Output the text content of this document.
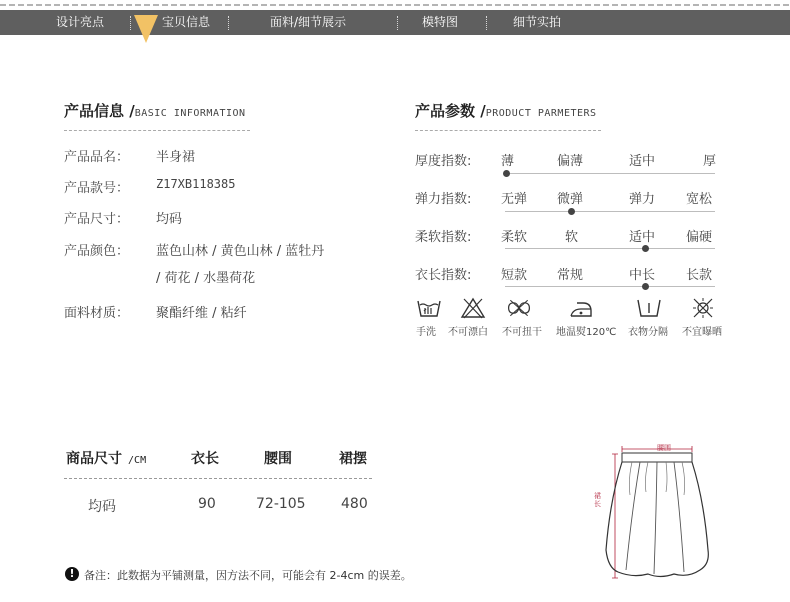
设计亮点	宝贝信息	面料/细节展示	模特图	细节实拍
产品信息 /BASIC INFORMATION
产品品名： 半身裙
产品款号： Z17XB118385
产品尺寸： 均码
产品颜色： 蓝色山林 / 黄色山林 / 蓝牡丹
/ 荷花 / 水墨荷花
面料材质： 聚酯纤维 / 粘纤
产品参数 /PRODUCT PARMETERS
厚度指数: 薄	偏薄	适中	厚
弹力指数: 无弹 微弹	弹力 宽松
柔软指数: 柔软	软	适中 偏硬
衣长指数: 短款 常规	中长 长款
手洗 不可漂白 不可扭干 地温熨120℃ 衣物分隔 不宜曝晒
商品尺寸 /CM	衣长	腰围	裙摆
均码	90	72-105	480
腰围
裙长
! 备注：此数据为平铺测量，因方法不同，可能会有 2-4cm 的误差。
